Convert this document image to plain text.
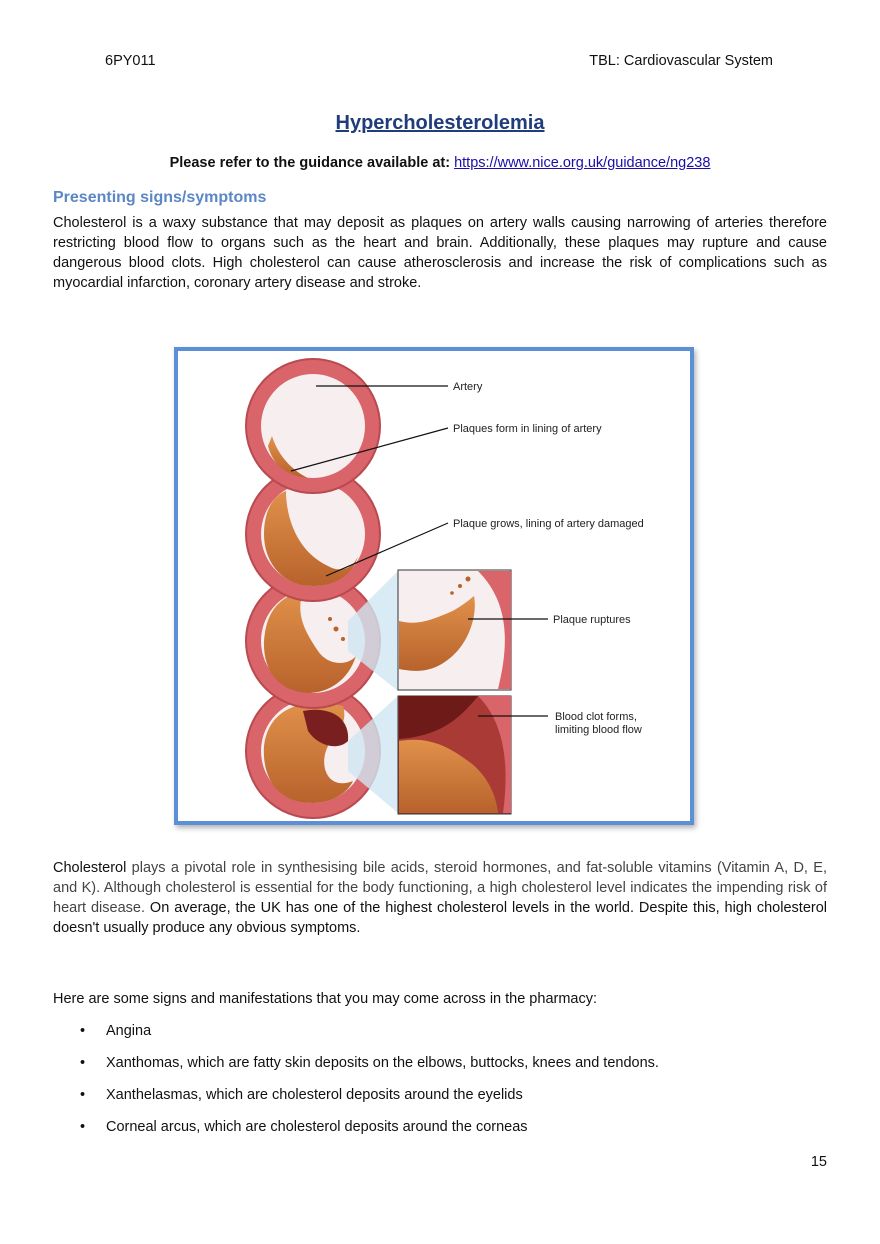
6PY011	TBL: Cardiovascular System
Hypercholesterolemia
Please refer to the guidance available at: https://www.nice.org.uk/guidance/ng238
Presenting signs/symptoms
Cholesterol is a waxy substance that may deposit as plaques on artery walls causing narrowing of arteries therefore restricting blood flow to organs such as the heart and brain. Additionally, these plaques may rupture and cause dangerous blood clots. High cholesterol can cause atherosclerosis and increase the risk of complications such as myocardial infarction, coronary artery disease and stroke.
Artery
Plaques form in lining of artery
Plaque grows, lining of artery damaged
Plaque ruptures
Blood clot forms,
limiting blood flow
Cholesterol plays a pivotal role in synthesising bile acids, steroid hormones, and fat-soluble vitamins (Vitamin A, D, E, and K). Although cholesterol is essential for the body functioning, a high cholesterol level indicates the impending risk of heart disease. On average, the UK has one of the highest cholesterol levels in the world. Despite this, high cholesterol doesn't usually produce any obvious symptoms.
Here are some signs and manifestations that you may come across in the pharmacy:
• Angina
• Xanthomas, which are fatty skin deposits on the elbows, buttocks, knees and tendons.
• Xanthelasmas, which are cholesterol deposits around the eyelids
• Corneal arcus, which are cholesterol deposits around the corneas
15
